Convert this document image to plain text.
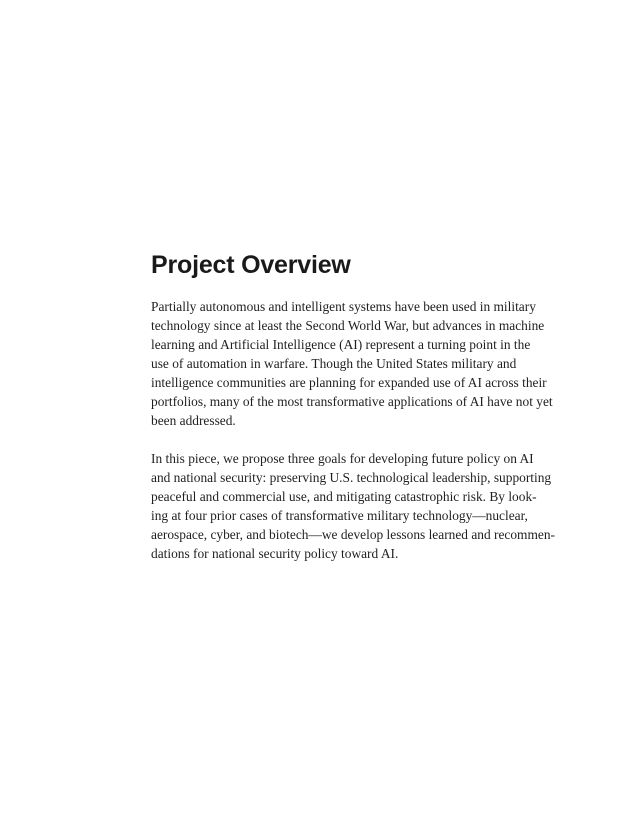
Project Overview

Partially autonomous and intelligent systems have been used in military
technology since at least the Second World War, but advances in machine
learning and Artificial Intelligence (AI) represent a turning point in the
use of automation in warfare. Though the United States military and
intelligence communities are planning for expanded use of AI across their
portfolios, many of the most transformative applications of AI have not yet
been addressed.

In this piece, we propose three goals for developing future policy on AI
and national security: preserving U.S. technological leadership, supporting
peaceful and commercial use, and mitigating catastrophic risk. By look-
ing at four prior cases of transformative military technology—nuclear,
aerospace, cyber, and biotech—we develop lessons learned and recommen-
dations for national security policy toward AI.
